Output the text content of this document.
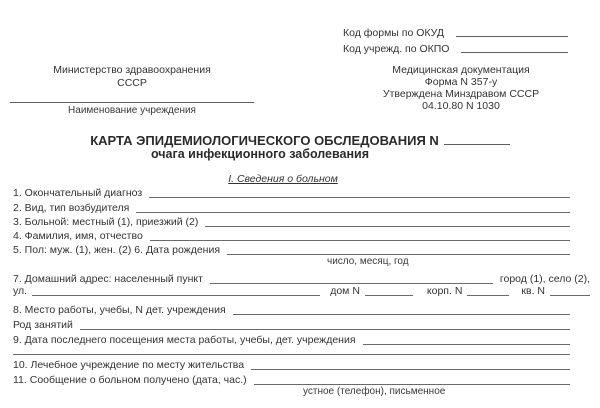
Код формы по ОКУД
Код учрежд. по ОКПО
Министерство здравоохранения
СССР
Наименование учреждения
Медицинская документация
Форма N 357-у
Утверждена Минздравом СССР
04.10.80 N 1030
КАРТА ЭПИДЕМИОЛОГИЧЕСКОГО ОБСЛЕДОВАНИЯ N
очага инфекционного заболевания
I. Сведения о больном
1. Окончательный диагноз
2. Вид, тип возбудителя
3. Больной: местный (1), приезжий (2)
4. Фамилия, имя, отчество
5. Пол: муж. (1), жен. (2) 6. Дата рождения
число, месяц, год
7. Домашний адрес: населенный пункт	город (1), село (2),
ул.	дом N	корп. N	кв. N
8. Место работы, учебы, N дет. учреждения
Род занятий
9. Дата последнего посещения места работы, учебы, дет. учреждения
10. Лечебное учреждение по месту жительства
11. Сообщение о больном получено (дата, час.)
устное (телефон), письменное
